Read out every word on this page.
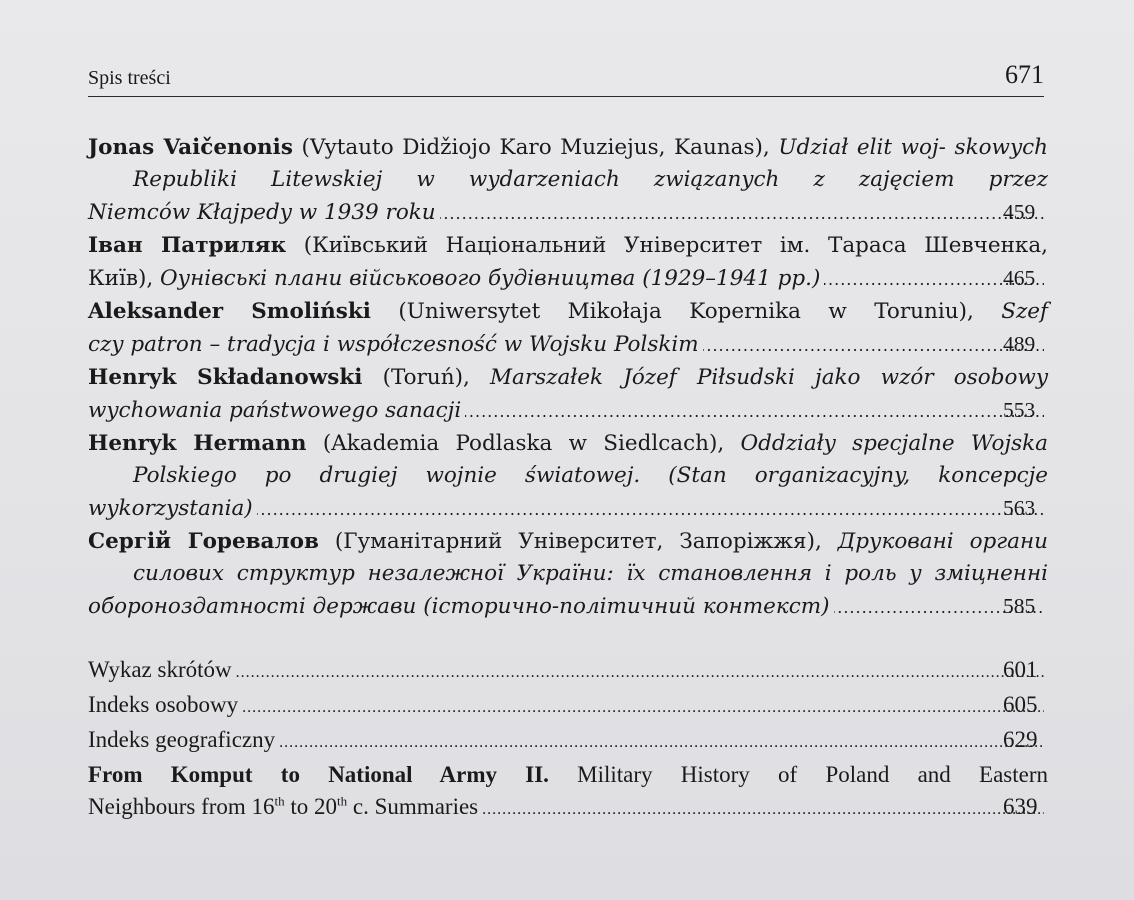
Spis treści	671
Jonas Vaičenonis (Vytauto Didžiojo Karo Muziejus, Kaunas), Udział elit woj- skowych Republiki Litewskiej w wydarzeniach związanych z zajęciem przez
Niemców Kłajpedy w 1939 roku .....	459
Іван Патриляк (Київський Національний Університет ім. Тараса Шевченка,
Київ), Оунівські плани військового будівництва (1929–1941 рр.) .....	465
Aleksander Smoliński (Uniwersytet Mikołaja Kopernika w Toruniu), Szef
czy patron – tradycja i współczesność w Wojsku Polskim .....	489
Henryk Składanowski (Toruń), Marszałek Józef Piłsudski jako wzór osobowy
wychowania państwowego sanacji .....	553
Henryk Hermann (Akademia Podlaska w Siedlcach), Oddziały specjalne Wojska Polskiego po drugiej wojnie światowej. (Stan organizacyjny, koncepcje
wykorzystania) .....	563
Сергій Горевалов (Гуманітарний Університет, Запоріжжя), Друковані органи силових структур незалежної України: їх становлення і роль у зміцненні
обороноздатності держави (історично-політичний контекст) .....	585
Wykaz skrótów .....	601
Indeks osobowy .....	605
Indeks geograficzny .....	629
From Komput to National Army II. Military History of Poland and Eastern
Neighbours from 16th to 20th c. Summaries .....	639
